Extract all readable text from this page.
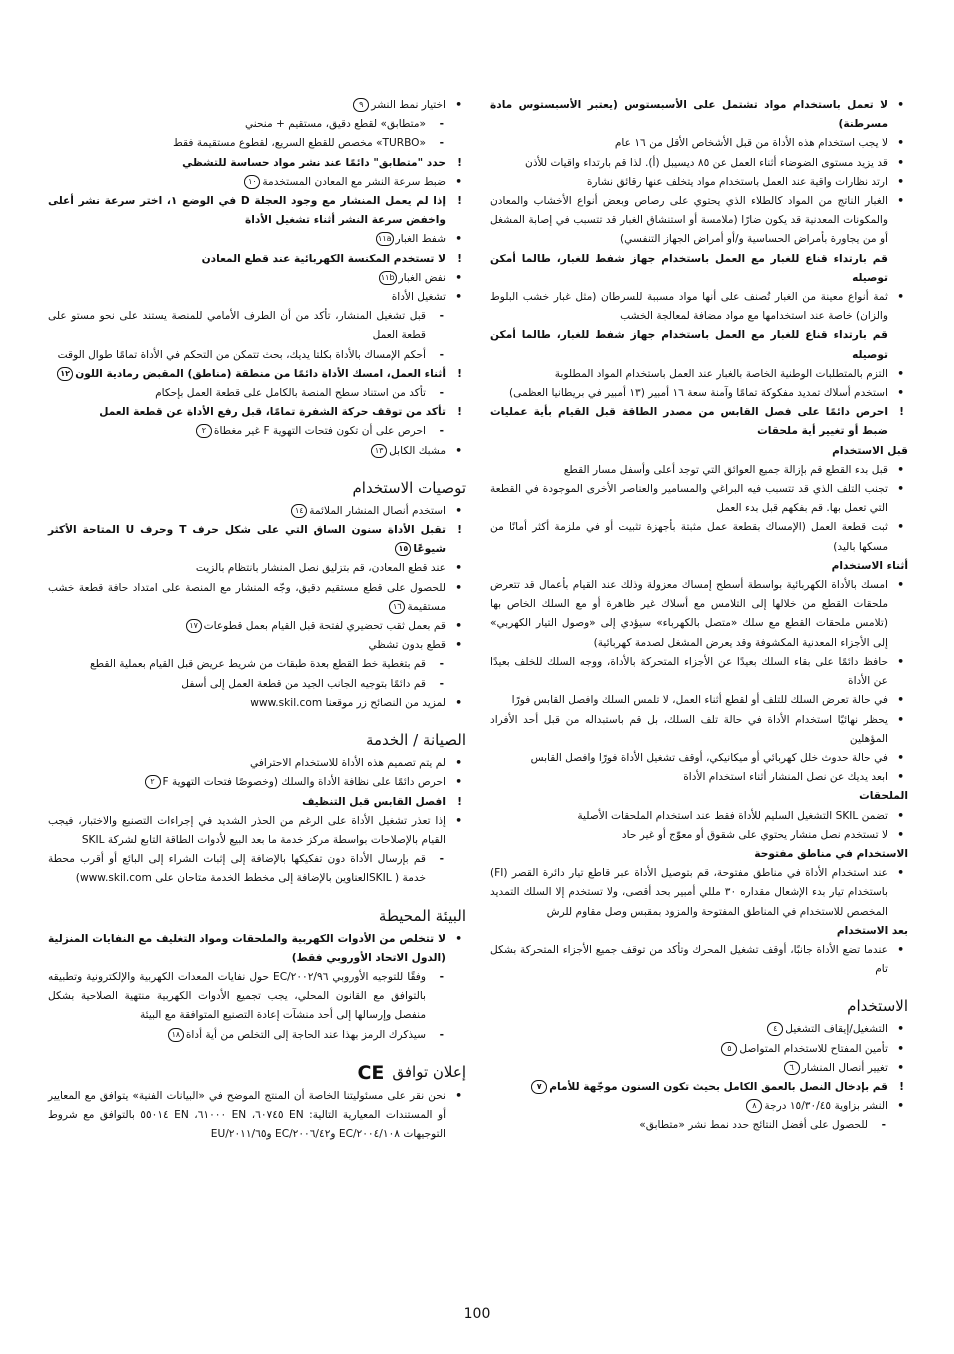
•
لا تعمل باستخدام مواد تشتمل على الأسبستوس (يعتبر الأسبستوس مادة مسرطنة)
•
لا يجب استخدام هذه الأداة من قبل الأشخاص الأقل من ١٦ عام
•
قد يزيد مستوى الضوضاء أثناء العمل عن ٨٥ ديسيبل (أ). لذا قم بارتداء واقيات للأذن
•
ارتد نظارات واقية عند العمل باستخدام مواد يتخلف عنها رقائق نشارة
•
الغبار الناتج من المواد كالطلاء الذي يحتوي على رصاص وبعض أنواع الأخشاب والمعادن والمكونات المعدنية قد يكون ضارًا (ملامسة أو استنشاق الغبار قد تتسبب في إصابة المشغل أو من يجاورة بأمراض الحساسية و/أو أمراض الجهاز التنفسي)
قم بارتداء قناع للغبار مع العمل باستخدام جهاز شفط للغبار، طالما أمكن توصيله
•
ثمة أنواع معينة من الغبار تُصنف على أنها مواد مسببة للسرطان (مثل غبار خشب البلوط والزان) خاصة عند استخدامها مع مواد مضافة لمعالجة الخشب
قم بارتداء قناع للغبار مع العمل باستخدام جهاز شفط للغبار، طالما أمكن توصيله
•
التزم بالمتطلبات الوطنية الخاصة بالغبار عند العمل باستخدام المواد المطلوبة
•
استخدم أسلاك تمديد مفكوكة تمامًا وآمنة سعة ١٦ أمبير (١٣ أمبير في بريطانيا العظمى)
!
احرص دائمًا على فصل القابس من مصدر الطاقة قبل القيام بأية عمليات ضبط أو تغيير أية ملحقات
قبل الاستخدام
•
قبل بدء القطع قم بإزالة جميع العوائق التي توجد أعلى وأسفل مسار القطع
•
تجنب التلف الذي قد تتسبب فيه البراغي والمسامير والعناصر الأخرى الموجودة في القطعة التي تعمل بها. قم بفكهم قبل بدء العمل
•
ثبت قطعة العمل (الإمساك بقطعة عمل مثبتة بأجهزة تثبيت أو في ملزمة أكثر أمانًا من مسكها باليد)
أثناء الاستخدام
•
امسك بالأداة الكهربائية بواسطة أسطح إمساك معزولة وذلك عند القيام بأعمال قد تتعرض ملحقات القطع من خلالها إلى التلامس مع أسلاك غير ظاهرة أو مع السلك الخاص بها (تلامس ملحقات القطع مع سلك «متصل بالكهرباء» سيؤدي إلى «وصول التيار الكهربي» إلى الأجزاء المعدنية المكشوفة وقد يعرض المشغل لصدمة كهربائية)
•
حافظ دائمًا على بقاء السلك بعيدًا عن الأجزاء المتحركة بالأداة، ووجه السلك للخلف بعيدًا عن الأداة
•
في حالة تعرض السلك للتلف أو لقطع أثناء العمل، لا تلمس السلك وافصل القابس فورًا
•
يحظر نهائيًا استخدام الأداة في حالة تلف السلك، بل قم باستبداله من قبل أحد الأفراد المؤهلين
•
في حالة حدوث خلل كهربائي أو ميكانيكي، أوقف تشغيل الأداة فورًا وافصل القابس
•
ابعد يديك عن نصل المنشار أثناء استخدام الأداة
الملحقات
•
تضمن SKIL التشغيل السليم للأداة فقط عند استخدام الملحقات الأصلية
•
لا تستخدم نصل منشار يحتوي على شقوق أو معوّج أو غير حاد
الاستخدام في مناطق مفتوحة
•
عند استخدام الأداة في مناطق مفتوحة، قم بتوصيل الأداة عبر قاطع تيار دائرة القصر (FI) باستخدام تيار بدء الإشعال مقداره ٣٠ مللي أمبير بحد أقصى، ولا تستخدم إلا السلك التمديد المخصص للاستخدام في المناطق المفتوحة والمزود بمقبس وصل مقاوم للرش
بعد الاستخدام
•
عندما تضع الأداة جانبًا، أوقف تشغيل المحرك وتأكد من توقف جميع الأجزاء المتحركة بشكل تام
الاستخدام
•
التشغيل/إيقاف التشغيل٤
•
تأمين المفتاح للاستخدام المتواصل٥
•
تغيير أنصال المنشار٦
!
قم بإدخال النصل بالعمق الكامل بحيث تكون السنون موجّهة للأمام٧
•
النشر بزاوية ١٥/٣٠/٤٥ درجة٨
-
للحصول على أفضل النتائج حدد نمط نشر «متطابق»
•
اختيار نمط النشر٩
-
«متطابق» لقطع دقيق، مستقيم + منحني
-
«TURBO» مخصص للقطع السريع، لقطوع مستقيمة فقط
!
حدد "متطابق" دائمًا عند نشر مواد حساسة للتشظي
•
ضبط سرعة النشر مع المعادن المستخدمة١٠
!
إذا لم يعمل المنشار مع وجود العجلة D في الوضع ١، اختر سرعة نشر أعلى واخفض سرعة النشر أثناء تشغيل الأداة
•
شفط الغبار١١a
!
لا تستخدم المكنسة الكهربائية عند قطع المعادن
•
نفض الغبار١١b
•
تشغيل الأداة
-
قبل تشغيل المنشار، تأكد من أن الطرف الأمامي للمنصة يستند على نحو مستو على قطعة العمل
-
أحكم الإمساك بالأداة بكلتا يديك، بحث تتمكن من التحكم في الأداة تمامًا طوال الوقت
!
أثناء العمل، امسك الأداة دائمًا من منطقة (مناطق) المقبض رمادية اللون١٢
-
تأكد من استناد سطح المنصة بالكامل على قطعة العمل بإحكام
!
تأكد من توقف حركة الشفرة تمامًا، قبل رفع الأداة عن قطعة العمل
-
احرص على أن تكون فتحات التهوية F غير مغطاة٢
•
مشبك الكابل١٣
توصيات الاستخدام
•
استخدم أنصال المنشار الملائمة١٤
!
تقبل الأداة سنون الساق التي على شكل حرف T وحرف U المتاحة الأكثر شيوعًا١٥
•
عند قطع المعادن، قم بتزليق نصل المنشار بانتظام بالزيت
•
للحصول على قطع مستقيم دقيق، وجّه المنشار مع المنصة على امتداد حافة قطعة خشب مستقيمة١٦
•
قم بعمل ثقب تحضيري لفتحة قبل القيام بعمل قطوعات١٧
•
قطع بدون تشظي
-
قم بتغطية خط القطع بعدة طبقات من شريط عريض قبل القيام بعملية القطع
-
قم دائمًا بتوجيه الجانب الجيد من قطعة العمل إلى أسفل
•
لمزيد من النصائح زر موقعنا www.skil.com
الصيانة / الخدمة
•
لم يتم تصميم هذه الأداة للاستخدام الاحترافي
•
احرص دائمًا على نظافة الأداة والسلك (وخصوصًا فتحات التهوية F٢
!
افصل القابس قبل التنظيف
•
إذا تعذر تشغيل الأداة على الرغم من الحذر الشديد في إجراءات التصنيع والاختبار، فيجب القيام بالإصلاحات بواسطة مركز خدمة ما بعد البيع لأدوات الطاقة التابع لشركة SKIL
-
قم بإرسال الأداة دون تفكيكها بالإضافة إلى إثبات الشراء إلى البائع أو أقرب محطة خدمة ( SKILالعناوين بالإضافة إلى مخطط الخدمة متاحان على www.skil.com)
البيئة المحيطة
•
لا تتخلص من الأدوات الكهربية والملحقات ومواد التغليف مع النفايات المنزلية (الدول الاتحاد الأوروبي فقط)
-
وفقًا للتوجيه الأوروبي ٢٠٠٢/٩٦/EC حول نفايات المعدات الكهربية والإلكترونية وتطبيقه بالتوافق مع القانون المحلي، يجب تجميع الأدوات الكهربية منتهية الصلاحية بشكل منفصل وإرسالها إلى أحد منشآت إعادة التصنيع المتوافقة مع البيئة
-
سيذكرك الرمز بهذا عند الحاجة إلى التخلص من أية أداة١٨
إعلان توافقCE
•
نحن نقر على مسئوليتنا الخاصة أن المنتج الموضح في «البيانات الفنية» يتوافق مع المعايير أو المستندات المعيارية التالية: EN ٦٠٧٤٥، EN ٦١٠٠٠، EN ٥٥٠١٤ بالتوافق مع شروط التوجيهات ٢٠٠٤/١٠٨/EC و٢٠٠٦/٤٢/EC و٢٠١١/٦٥/EU
100
